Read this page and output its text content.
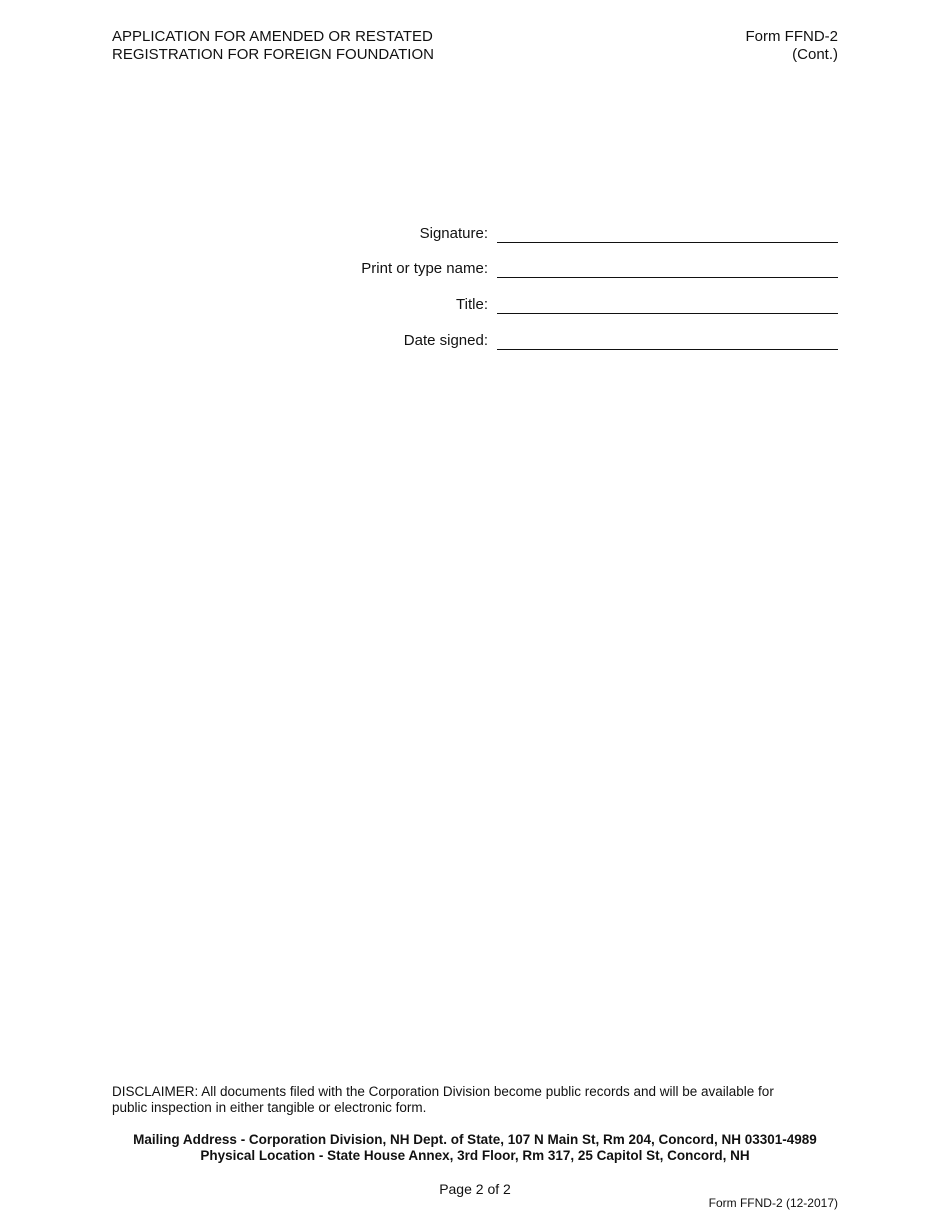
APPLICATION FOR AMENDED OR RESTATED
REGISTRATION FOR FOREIGN FOUNDATION
Form FFND-2
(Cont.)
Signature:
Print or type name:
Title:
Date signed:
DISCLAIMER: All documents filed with the Corporation Division become public records and will be available for
public inspection in either tangible or electronic form.
Mailing Address - Corporation Division, NH Dept. of State, 107 N Main St, Rm 204, Concord, NH 03301-4989
Physical Location - State House Annex, 3rd Floor, Rm 317, 25 Capitol St, Concord, NH
Page 2 of 2
Form FFND-2 (12-2017)
